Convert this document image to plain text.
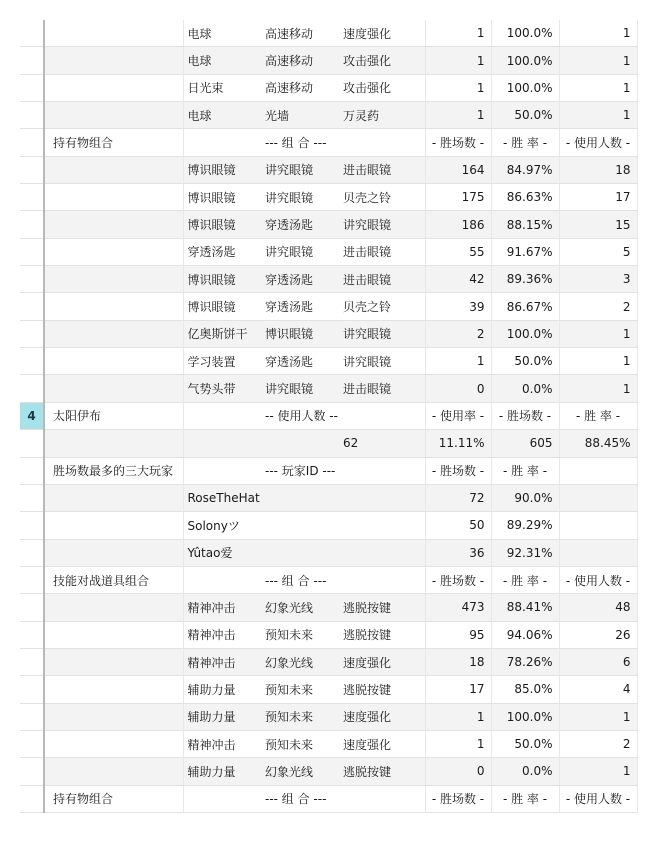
		电球	高速移动	速度强化	1	100.0%	1
		电球	高速移动	攻击强化	1	100.0%	1
		日光束	高速移动	攻击强化	1	100.0%	1
		电球	光墙	万灵药	1	50.0%	1
	持有物组合		--- 组 合 ---		- 胜场数 -	- 胜 率 -	- 使用人数 -
		博识眼镜	讲究眼镜	进击眼镜	164	84.97%	18
		博识眼镜	讲究眼镜	贝壳之铃	175	86.63%	17
		博识眼镜	穿透汤匙	讲究眼镜	186	88.15%	15
		穿透汤匙	讲究眼镜	进击眼镜	55	91.67%	5
		博识眼镜	穿透汤匙	进击眼镜	42	89.36%	3
		博识眼镜	穿透汤匙	贝壳之铃	39	86.67%	2
		亿奥斯饼干	博识眼镜	讲究眼镜	2	100.0%	1
		学习装置	穿透汤匙	讲究眼镜	1	50.0%	1
		气势头带	讲究眼镜	进击眼镜	0	0.0%	1
4	太阳伊布		-- 使用人数 --		- 使用率 -	- 胜场数 -	- 胜 率 -
				62	11.11%	605	88.45%
	胜场数最多的三大玩家		--- 玩家ID ---		- 胜场数 -	- 胜 率 -	
		RoseTheHat			72	90.0%	
		Solonyツ			50	89.29%	
		Yûtao爱			36	92.31%	
	技能对战道具组合		--- 组 合 ---		- 胜场数 -	- 胜 率 -	- 使用人数 -
		精神冲击	幻象光线	逃脱按键	473	88.41%	48
		精神冲击	预知未来	逃脱按键	95	94.06%	26
		精神冲击	幻象光线	速度强化	18	78.26%	6
		辅助力量	预知未来	逃脱按键	17	85.0%	4
		辅助力量	预知未来	速度强化	1	100.0%	1
		精神冲击	预知未来	速度强化	1	50.0%	2
		辅助力量	幻象光线	逃脱按键	0	0.0%	1
	持有物组合		--- 组 合 ---		- 胜场数 -	- 胜 率 -	- 使用人数 -
